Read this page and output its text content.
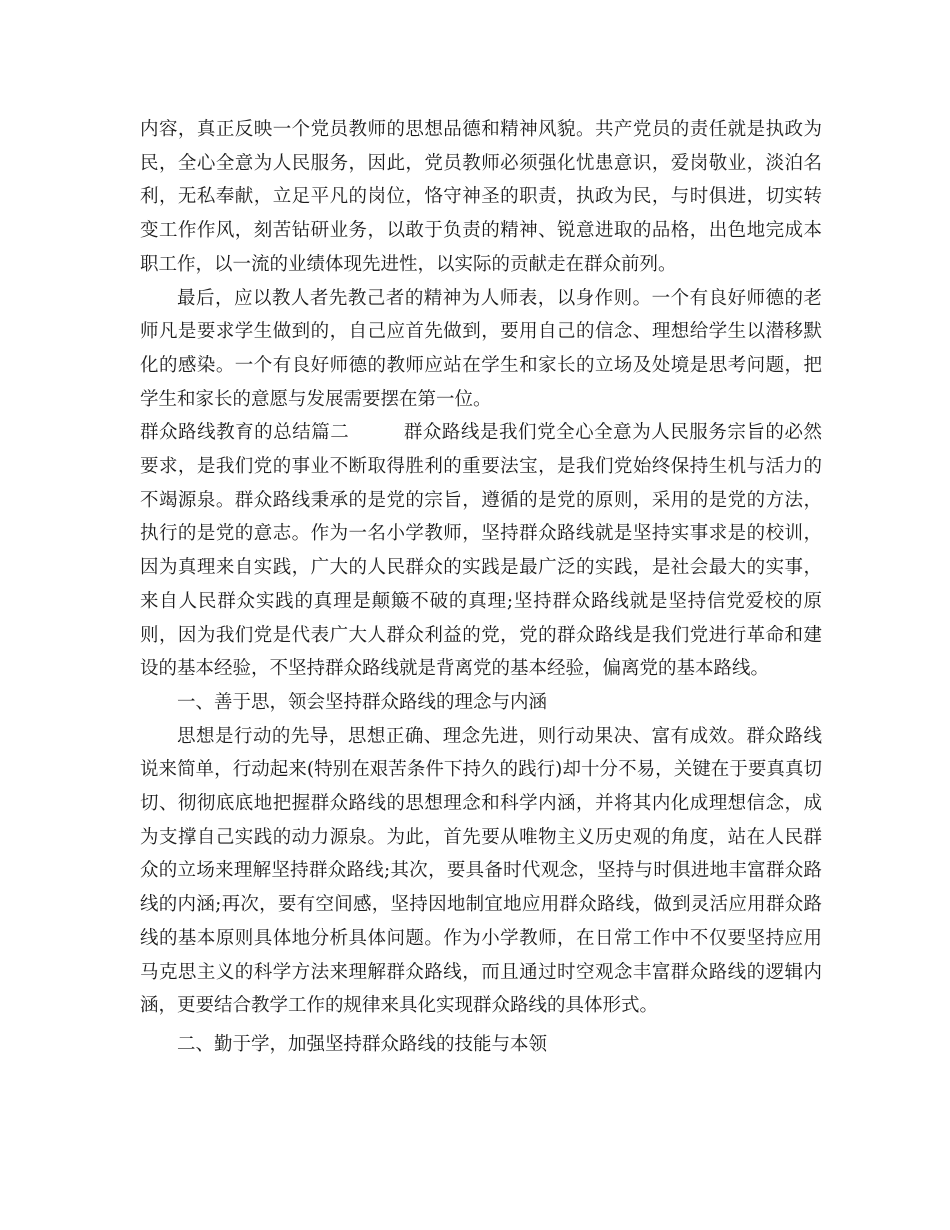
内容，真正反映一个党员教师的思想品德和精神风貌。共产党员的责任就是执政为民，全心全意为人民服务，因此，党员教师必须强化忧患意识，爱岗敬业，淡泊名利，无私奉献，立足平凡的岗位，恪守神圣的职责，执政为民，与时俱进，切实转变工作作风，刻苦钻研业务，以敢于负责的精神、锐意进取的品格，出色地完成本职工作，以一流的业绩体现先进性，以实际的贡献走在群众前列。

最后，应以教人者先教己者的精神为人师表，以身作则。一个有良好师德的老师凡是要求学生做到的，自己应首先做到，要用自己的信念、理想给学生以潜移默化的感染。一个有良好师德的教师应站在学生和家长的立场及处境是思考问题，把学生和家长的意愿与发展需要摆在第一位。

群众路线教育的总结篇二	群众路线是我们党全心全意为人民服务宗旨的必然要求，是我们党的事业不断取得胜利的重要法宝，是我们党始终保持生机与活力的不竭源泉。群众路线秉承的是党的宗旨，遵循的是党的原则，采用的是党的方法，执行的是党的意志。作为一名小学教师，坚持群众路线就是坚持实事求是的校训，因为真理来自实践，广大的人民群众的实践是最广泛的实践，是社会最大的实事，来自人民群众实践的真理是颠簸不破的真理;坚持群众路线就是坚持信党爱校的原则，因为我们党是代表广大人群众利益的党，党的群众路线是我们党进行革命和建设的基本经验，不坚持群众路线就是背离党的基本经验，偏离党的基本路线。

一、善于思，领会坚持群众路线的理念与内涵

思想是行动的先导，思想正确、理念先进，则行动果决、富有成效。群众路线说来简单，行动起来(特别在艰苦条件下持久的践行)却十分不易，关键在于要真真切切、彻彻底底地把握群众路线的思想理念和科学内涵，并将其内化成理想信念，成为支撑自己实践的动力源泉。为此，首先要从唯物主义历史观的角度，站在人民群众的立场来理解坚持群众路线;其次，要具备时代观念，坚持与时俱进地丰富群众路线的内涵;再次，要有空间感，坚持因地制宜地应用群众路线，做到灵活应用群众路线的基本原则具体地分析具体问题。作为小学教师，在日常工作中不仅要坚持应用马克思主义的科学方法来理解群众路线，而且通过时空观念丰富群众路线的逻辑内涵，更要结合教学工作的规律来具化实现群众路线的具体形式。

二、勤于学，加强坚持群众路线的技能与本领
